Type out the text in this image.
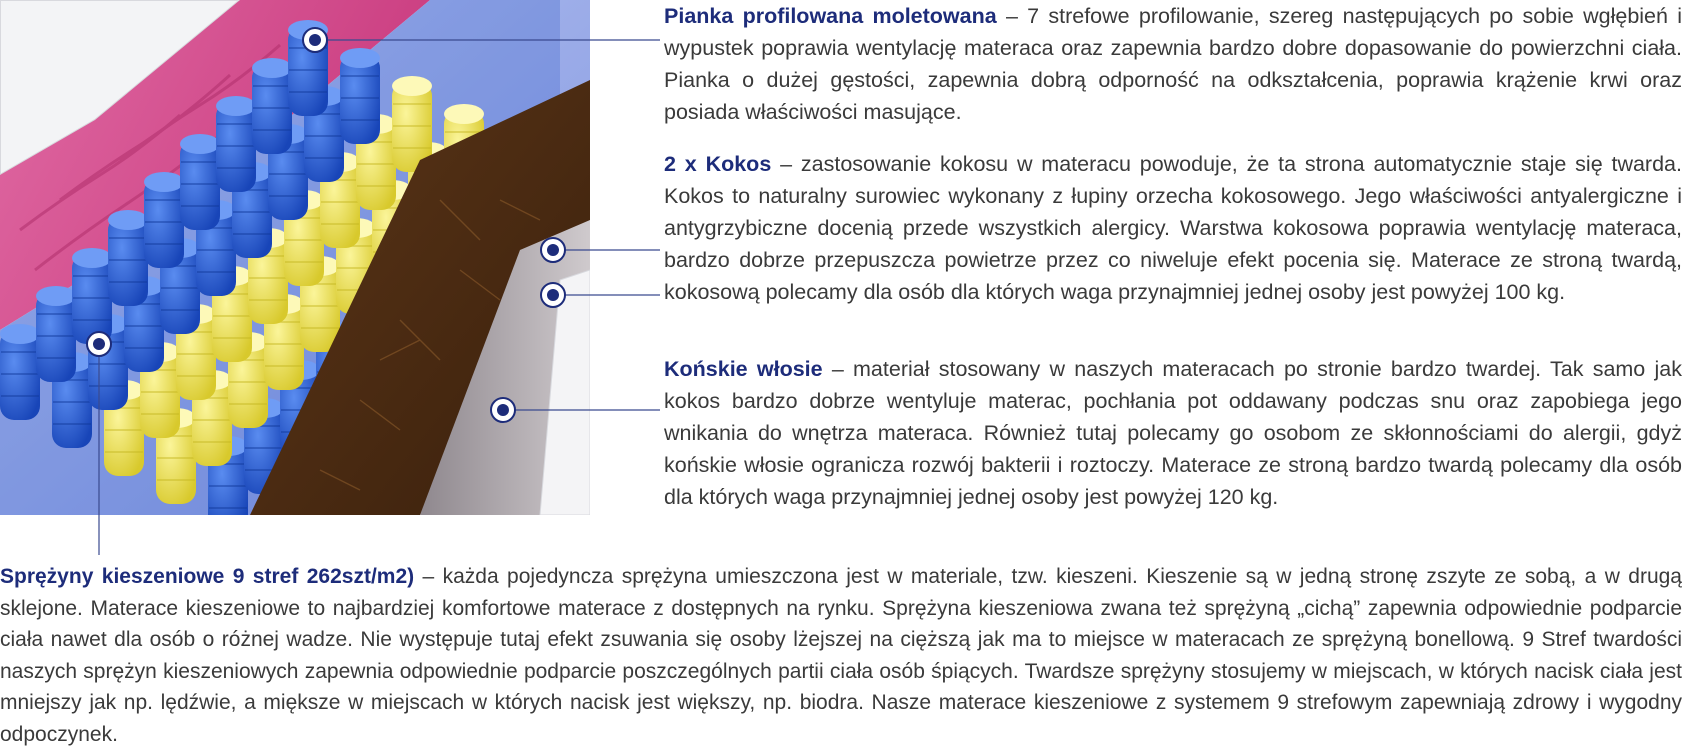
Pianka profilowana moletowana – 7 strefowe profilowanie, szereg następujących po sobie wgłębień i wypustek poprawia wentylację materaca oraz zapewnia bardzo dobre dopasowanie do powierzchni ciała. Pianka o dużej gęstości, zapewnia dobrą odporność na odkształcenia, poprawia krążenie krwi oraz posiada właściwości masujące.
2 x Kokos – zastosowanie kokosu w materacu powoduje, że ta strona automatycznie staje się twarda. Kokos to naturalny surowiec wykonany z łupiny orzecha kokosowego. Jego właściwości antyalergiczne i antygrzybiczne docenią przede wszystkich alergicy. Warstwa kokosowa poprawia wentylację materaca, bardzo dobrze przepuszcza powietrze przez co niweluje efekt pocenia się. Materace ze stroną twardą, kokosową polecamy dla osób dla których waga przynajmniej jednej osoby jest powyżej 100 kg.
Końskie włosie – materiał stosowany w naszych materacach po stronie bardzo twardej. Tak samo jak kokos bardzo dobrze wentyluje materac, pochłania pot oddawany podczas snu oraz zapobiega jego wnikania do wnętrza materaca. Również tutaj polecamy go osobom ze skłonnościami do alergii, gdyż końskie włosie ogranicza rozwój bakterii i roztoczy. Materace ze stroną bardzo twardą polecamy dla osób dla których waga przynajmniej jednej osoby jest powyżej 120 kg.
Sprężyny kieszeniowe 9 stref 262szt/m2) – każda pojedyncza sprężyna umieszczona jest w materiale, tzw. kieszeni. Kieszenie są w jedną stronę zszyte ze sobą, a w drugą sklejone. Materace kieszeniowe to najbardziej komfortowe materace z dostępnych na rynku. Sprężyna kieszeniowa zwana też sprężyną „cichą” zapewnia odpowiednie podparcie ciała nawet dla osób o różnej wadze. Nie występuje tutaj efekt zsuwania się osoby lżejszej na cięższą jak ma to miejsce w materacach ze sprężyną bonellową. 9 Stref twardości naszych sprężyn kieszeniowych zapewnia odpowiednie podparcie poszczególnych partii ciała osób śpiących. Twardsze sprężyny stosujemy w miejscach, w których nacisk ciała jest mniejszy jak np. lędźwie, a miększe w miejscach w których nacisk jest większy, np. biodra. Nasze materace kieszeniowe z systemem 9 strefowym zapewniają zdrowy i wygodny odpoczynek.
